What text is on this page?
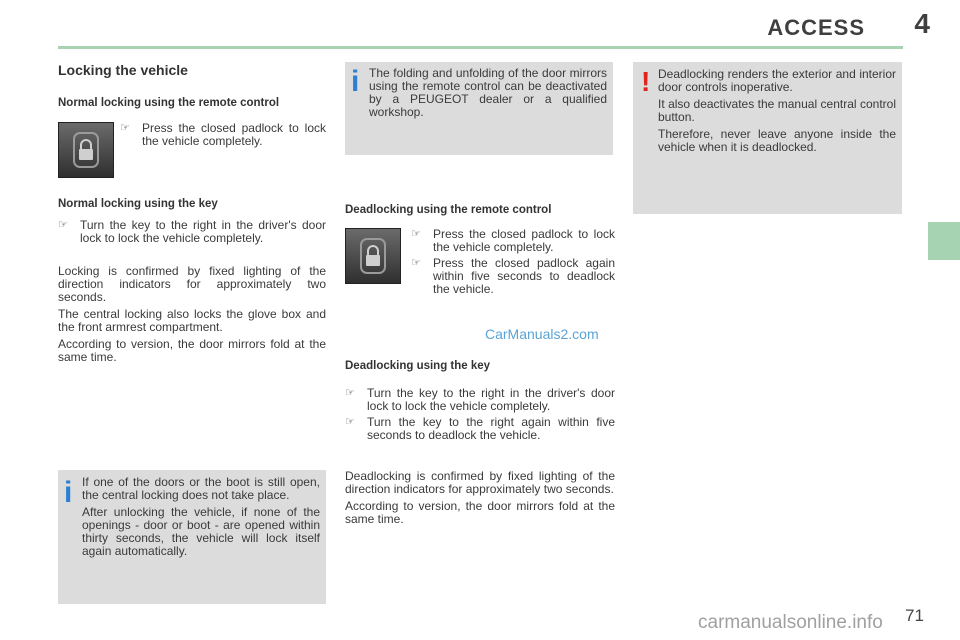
ACCESS 4
Locking the vehicle
Normal locking using the remote control
☞	Press the closed padlock to lock the vehicle completely.
Normal locking using the key
☞	Turn the key to the right in the driver's door lock to lock the vehicle completely.

Locking is confirmed by fixed lighting of the direction indicators for approximately two seconds.

The central locking also locks the glove box and the front armrest compartment.

According to version, the door mirrors fold at the same time.

i If one of the doors or the boot is still open, the central locking does not take place.

After unlocking the vehicle, if none of the openings - door or boot - are opened within thirty seconds, the vehicle will lock itself again automatically.

i The folding and unfolding of the door mirrors using the remote control can be deactivated by a PEUGEOT dealer or a qualified workshop.

Deadlocking using the remote control
☞	Press the closed padlock to lock the vehicle completely.
☞	Press the closed padlock again within five seconds to deadlock the vehicle.
CarManuals2.com
Deadlocking using the key
☞	Turn the key to the right in the driver's door lock to lock the vehicle completely.
☞	Turn the key to the right again within five seconds to deadlock the vehicle.

Deadlocking is confirmed by fixed lighting of the direction indicators for approximately two seconds.

According to version, the door mirrors fold at the same time.

! Deadlocking renders the exterior and interior door controls inoperative.

It also deactivates the manual central control button.

Therefore, never leave anyone inside the vehicle when it is deadlocked.

71
carmanualsonline.info
